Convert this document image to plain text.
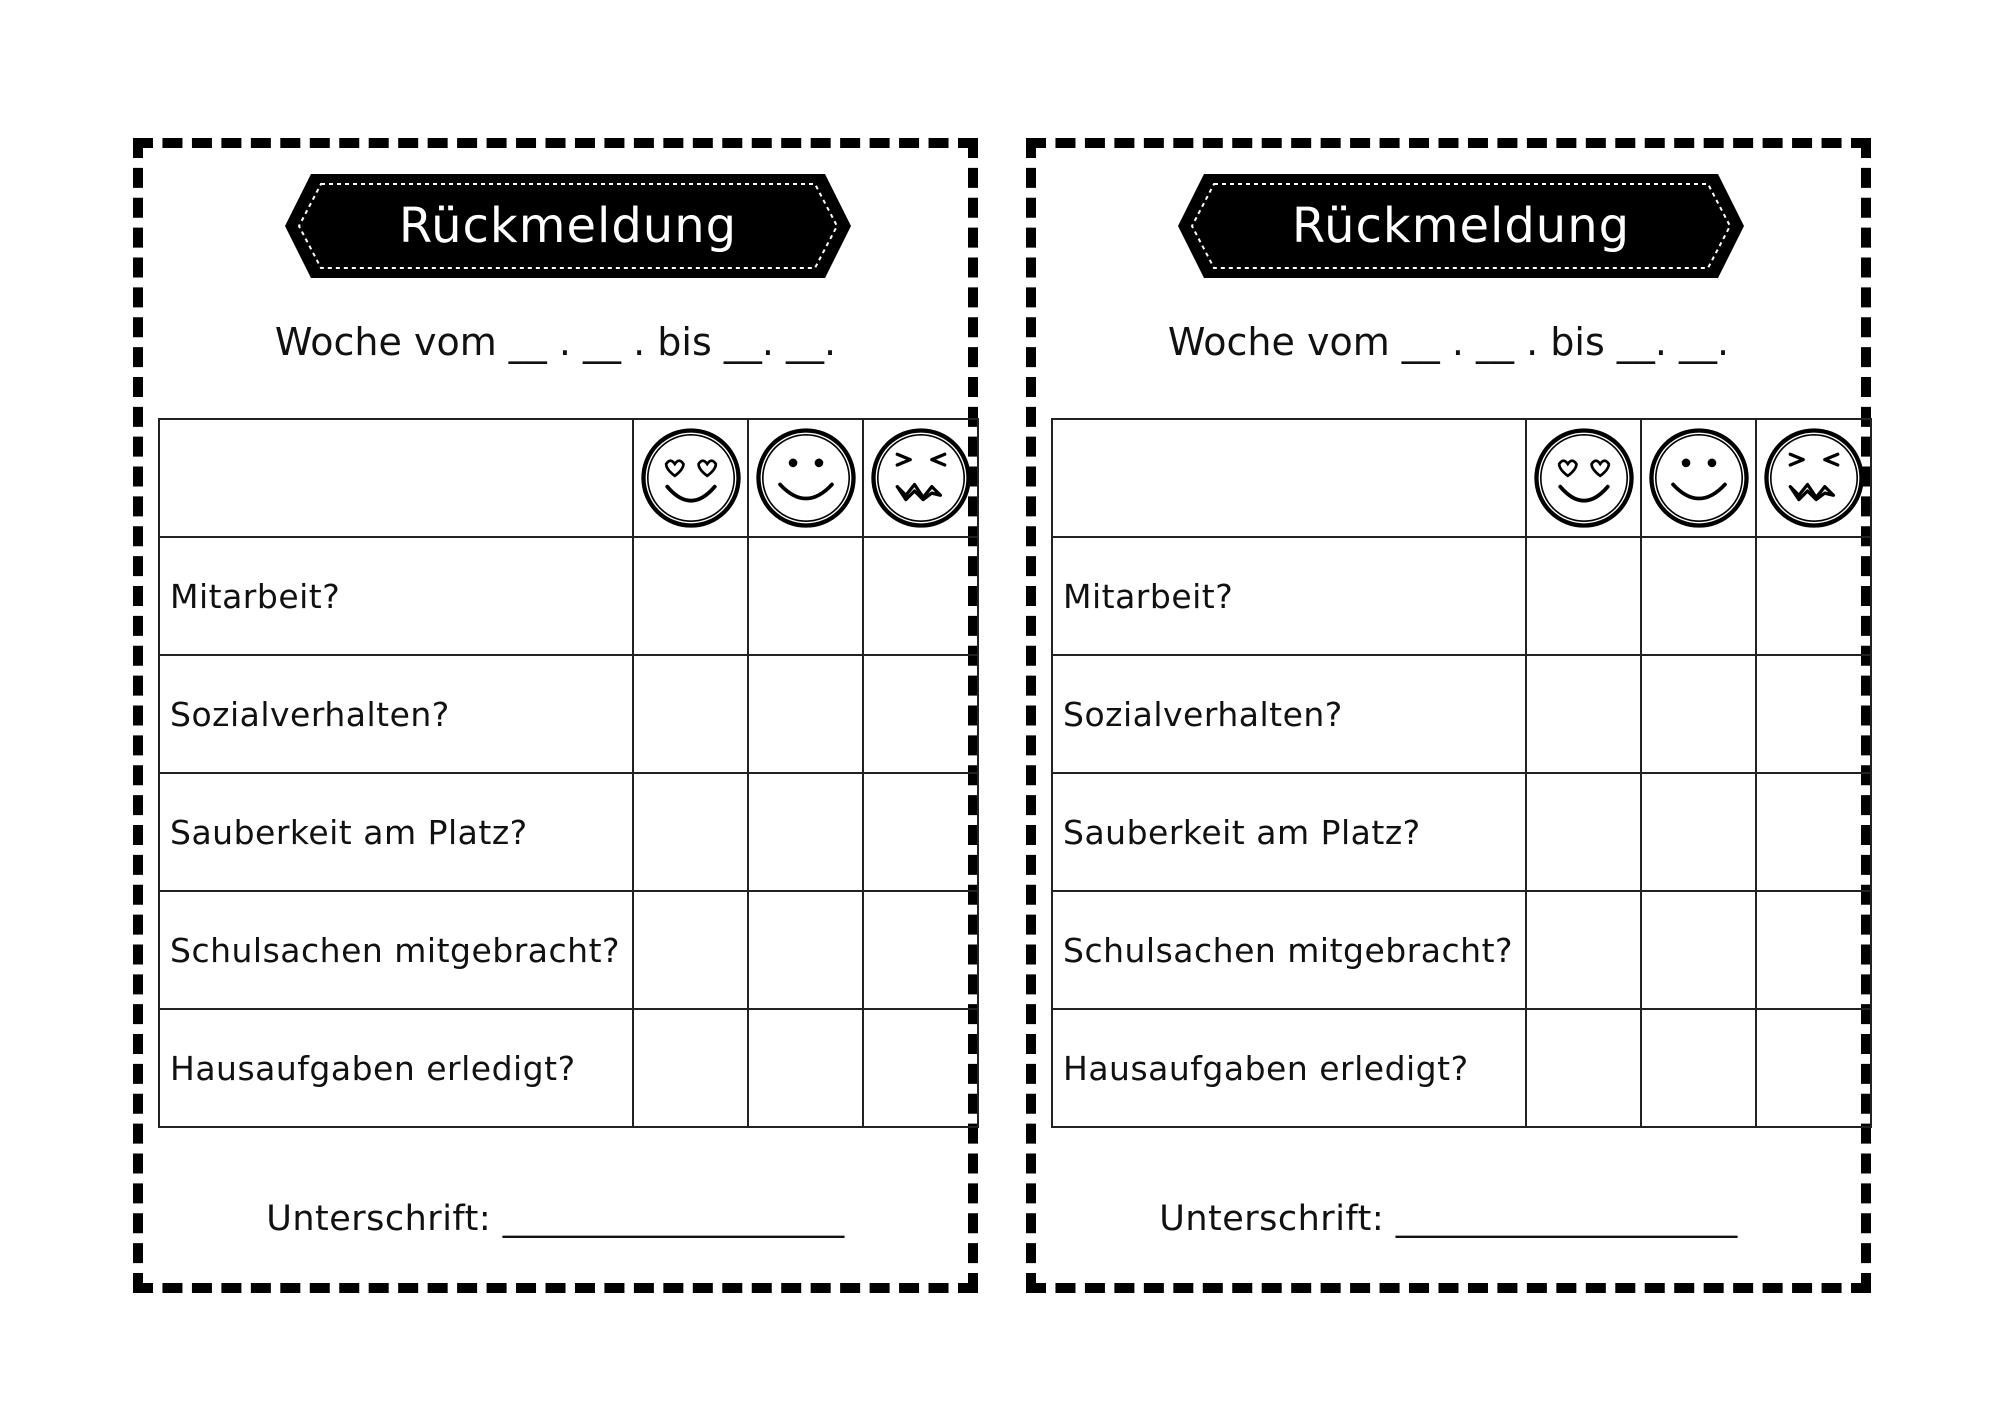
Rückmeldung
Woche vom __ . __ . bis __. __.

Mitarbeit?			
Sozialverhalten?			
Sauberkeit am Platz?			
Schulsachen mitgebracht?			
Hausaufgaben erledigt?			
Unterschrift: ___________________
Rückmeldung
Woche vom __ . __ . bis __. __.

Mitarbeit?			
Sozialverhalten?			
Sauberkeit am Platz?			
Schulsachen mitgebracht?			
Hausaufgaben erledigt?			
Unterschrift: ___________________
